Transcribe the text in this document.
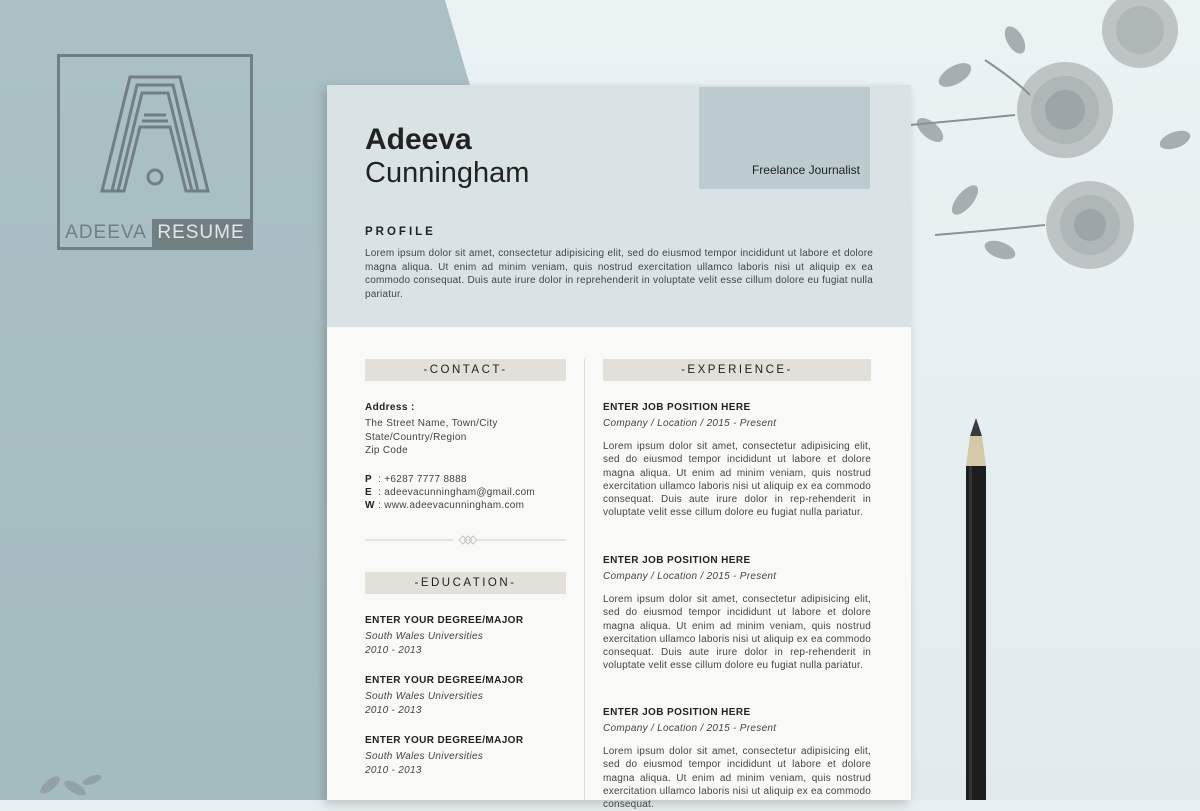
ADEEVA RESUME
Adeeva
Cunningham	Freelance Journalist
PROFILE
Lorem ipsum dolor sit amet, consectetur adipisicing elit, sed do eiusmod tempor incididunt ut labore et dolore magna aliqua. Ut enim ad minim veniam, quis nostrud exercitation ullamco laboris nisi ut aliquip ex ea commodo consequat. Duis aute irure dolor in reprehenderit in voluptate velit esse cillum dolore eu fugiat nulla pariatur.
-CONTACT-
Address :
The Street Name, Town/City
State/Country/Region
Zip Code
P : +6287 7777 8888
E : adeevacunningham@gmail.com
W : www.adeevacunningham.com
-EDUCATION-
ENTER YOUR DEGREE/MAJOR
South Wales Universities
2010 - 2013
ENTER YOUR DEGREE/MAJOR
South Wales Universities
2010 - 2013
ENTER YOUR DEGREE/MAJOR
South Wales Universities
2010 - 2013
-EXPERIENCE-
ENTER JOB POSITION HERE
Company / Location / 2015 - Present
Lorem ipsum dolor sit amet, consectetur adipisicing elit, sed do eiusmod tempor incididunt ut labore et dolore magna aliqua. Ut enim ad minim veniam, quis nostrud exercitation ullamco laboris nisi ut aliquip ex ea commodo consequat. Duis aute irure dolor in rep-rehenderit in voluptate velit esse cillum dolore eu fugiat nulla pariatur.
ENTER JOB POSITION HERE
Company / Location / 2015 - Present
Lorem ipsum dolor sit amet, consectetur adipisicing elit, sed do eiusmod tempor incididunt ut labore et dolore magna aliqua. Ut enim ad minim veniam, quis nostrud exercitation ullamco laboris nisi ut aliquip ex ea commodo consequat. Duis aute irure dolor in rep-rehenderit in voluptate velit esse cillum dolore eu fugiat nulla pariatur.
ENTER JOB POSITION HERE
Company / Location / 2015 - Present
Lorem ipsum dolor sit amet, consectetur adipisicing elit, sed do eiusmod tempor incididunt ut labore et dolore magna aliqua. Ut enim ad minim veniam, quis nostrud exercitation ullamco laboris nisi ut aliquip ex ea commodo consequat.
